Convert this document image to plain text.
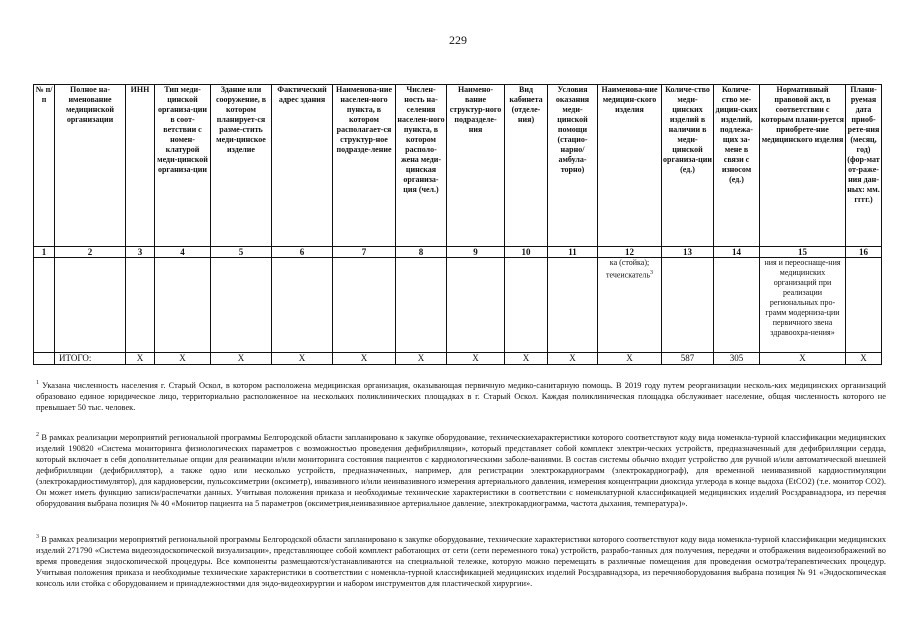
229
№ п/п	Полное на-именование медицинской организации	ИНН	Тип меди-цинской организа-ции в соот-ветствии с номен-клатурой меди-цинской организа-ции	Здание или сооружение, в котором планирует-ся разме-стить меди-цинское изделие	Фактический адрес здания	Наименова-ние населен-ного пункта, в котором располагает-ся структур-ное подразде-ление	Числен-ность на-селения населен-ного пункта, в котором располо-жена меди-цинская организа-ция (чел.)	Наимено-вание структур-ного подразделе-ния	Вид кабинета (отделе-ния)	Условия оказания меди-цинской помощи (стацио-нарно/ амбула-торно)	Наименова-ние медицин-ского изделия	Количе-ство меди-цинских изделий в наличии в меди-цинской организа-ции (ед.)	Количе-ство ме-дицин-ских изделий, подлежа-щих за-мене в связи с износом (ед.)	Нормативный правовой акт, в соответствии с которым плани-руется приобрете-ние медицинского изделия	Плани-руемая дата приоб-рете-ния (месяц, год) (фор-мат от-раже-ния дан-ных: мм. гггг.)
1	2	3	4	5	6	7	8	9	10	11	12	13	14	15	16
											ка (стойка); течеискатель$^3$			ния и переоснаще-ния медицинских организаций при реализации региональных про-грамм модерниза-ции первичного звена здравоохра-нения»	
	ИТОГО:	X	X	X	X	X	X	X	X	X	X	587	305	X	X
$^1$ Указана численность населения г. Старый Оскол, в котором расположена медицинская организация, оказывающая первичную медико-санитарную помощь. В 2019 году путем реорганизации несколь-ких медицинских организаций образовано единое юридическое лицо, территориально расположенное на нескольких поликлинических площадках в г. Старый Оскол. Каждая поликлиническая площадка обслуживает население, общая численность которого не превышает 50 тыс. человек.
$^2$ В рамках реализации мероприятий региональной программы Белгородской области запланировано к закупке оборудование, техническиехарактеристики которого соответствуют коду вида номенкла-турной классификации медицинских изделий 190820 «Система мониторинга физиологических параметров с возможностью проведения дефибрилляции», который представляет собой комплект электри-ческих устройств, предназначенный для дефибрилляции сердца, который включает в себя дополнительные опции для реанимации и/или мониторинга состояния пациентов с кардиологическими заболе-ваниями. В состав системы обычно входит устройство для ручной и/или автоматической внешней дефибрилляции (дефибриллятор), а также одно или несколько устройств, предназначенных, например, для регистрации электрокардиограмм (электрокардиограф), для временной неинвазивной кардиостимуляции (электрокардиостимулятор), для кардиоверсии, пульсоксиметрии (оксиметр), инвазивного и/или неинвазивного измерения артериального давления, измерения концентрации диоксида углерода в конце выдоха (EtCO2) (т.е. монитор CO2). Он может иметь функцию записи/распечатки данных. Учитывая положения приказа и необходимые технические характеристики в соответствии с номенклатурной классификацией медицинских изделий Росздравнадзора, из перечня оборудования выбрана позиция № 40 «Монитор пациента на 5 параметров (оксиметрия,неинвазивное артериальное давление, электрокардиограмма, частота дыхания, температура)».
$^3$ В рамках реализации мероприятий региональной программы Белгородской области запланировано к закупке оборудование, технические характеристики которого соответствуют коду вида номенкла-турной классификации медицинских изделий 271790 «Система видеоэндоскопической визуализации», представляющее собой комплект работающих от сети (сети переменного тока) устройств, разрабо-танных для получения, передачи и отображения видеоизображений во время проведения эндоскопической процедуры. Все компоненты размещаются/устанавливаются на специальной тележке, которую можно перемещать в различные помещения для проведения осмотра/терапевтических процедур. Учитывая положения приказа и необходимые технические характеристики в соответствии с номенкла-турной классификацией медицинских изделий Росздравнадзора, из перечняоборудования выбрана позиция № 91 «Эндоскопическая консоль или стойка с оборудованием и принадлежностями для эндо-видеохирургии и набором инструментов для пластической хирургии».
